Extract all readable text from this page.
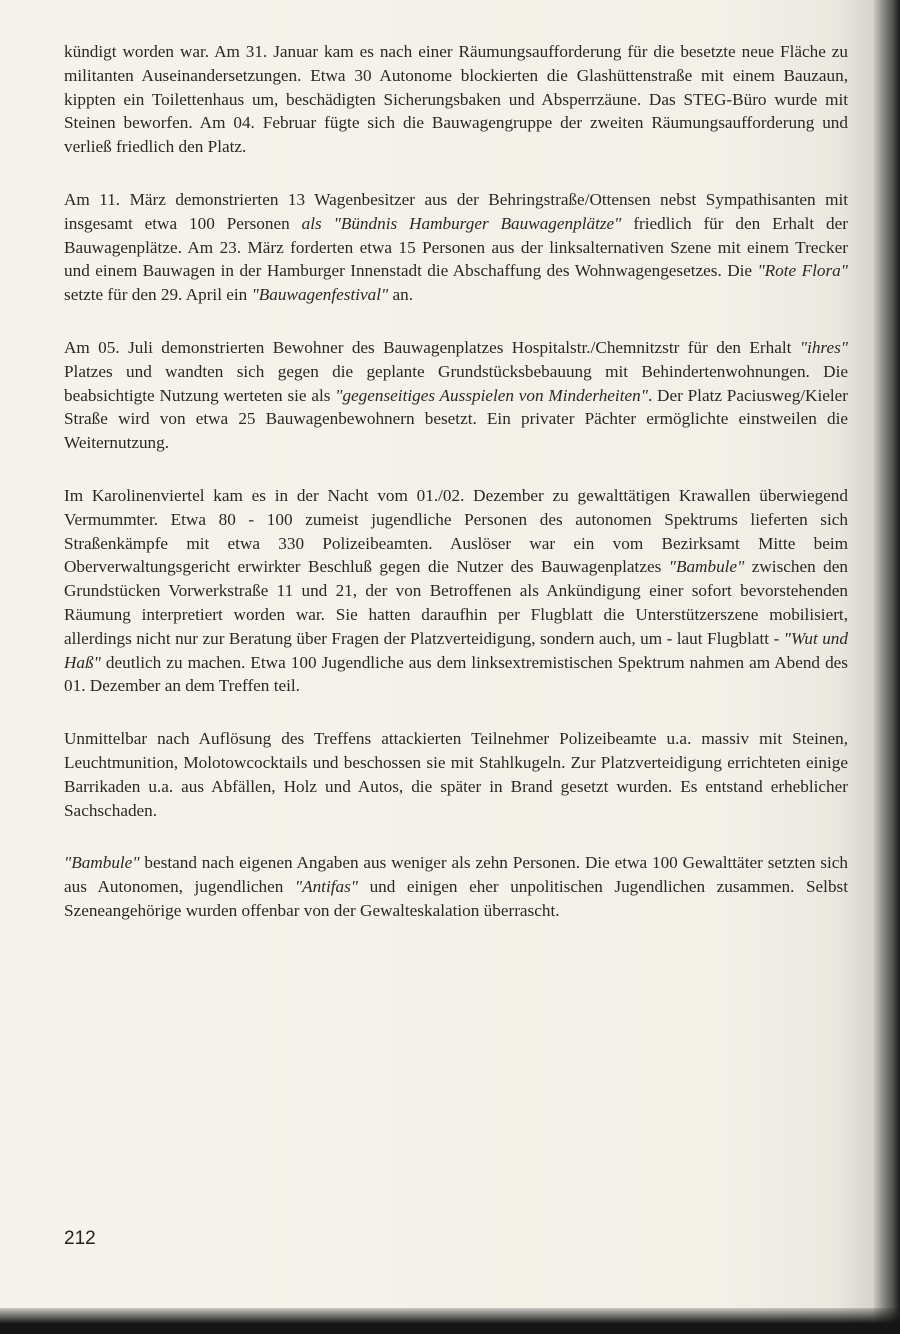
kündigt worden war. Am 31. Januar kam es nach einer Räumungsaufforderung für die besetzte neue Fläche zu militanten Auseinandersetzungen. Etwa 30 Autonome blockierten die Glashüttenstraße mit einem Bauzaun, kippten ein Toilettenhaus um, beschädigten Sicherungsbaken und Absperrzäune. Das STEG-Büro wurde mit Steinen beworfen. Am 04. Februar fügte sich die Bauwagengruppe der zweiten Räumungsaufforderung und verließ friedlich den Platz.

Am 11. März demonstrierten 13 Wagenbesitzer aus der Behringstraße/Ottensen nebst Sympathisanten mit insgesamt etwa 100 Personen als "Bündnis Hamburger Bauwagenplätze" friedlich für den Erhalt der Bauwagenplätze. Am 23. März forderten etwa 15 Personen aus der linksalternativen Szene mit einem Trecker und einem Bauwagen in der Hamburger Innenstadt die Abschaffung des Wohnwagengesetzes. Die "Rote Flora" setzte für den 29. April ein "Bauwagenfestival" an.

Am 05. Juli demonstrierten Bewohner des Bauwagenplatzes Hospitalstr./Chemnitzstr für den Erhalt "ihres" Platzes und wandten sich gegen die geplante Grundstücksbebauung mit Behindertenwohnungen. Die beabsichtigte Nutzung werteten sie als "gegenseitiges Ausspielen von Minderheiten". Der Platz Paciusweg/Kieler Straße wird von etwa 25 Bauwagenbewohnern besetzt. Ein privater Pächter ermöglichte einstweilen die Weiternutzung.

Im Karolinenviertel kam es in der Nacht vom 01./02. Dezember zu gewalttätigen Krawallen überwiegend Vermummter. Etwa 80 - 100 zumeist jugendliche Personen des autonomen Spektrums lieferten sich Straßenkämpfe mit etwa 330 Polizeibeamten. Auslöser war ein vom Bezirksamt Mitte beim Oberverwaltungsgericht erwirkter Beschluß gegen die Nutzer des Bauwagenplatzes "Bambule" zwischen den Grundstücken Vorwerkstraße 11 und 21, der von Betroffenen als Ankündigung einer sofort bevorstehenden Räumung interpretiert worden war. Sie hatten daraufhin per Flugblatt die Unterstützerszene mobilisiert, allerdings nicht nur zur Beratung über Fragen der Platzverteidigung, sondern auch, um - laut Flugblatt - "Wut und Haß" deutlich zu machen. Etwa 100 Jugendliche aus dem linksextremistischen Spektrum nahmen am Abend des 01. Dezember an dem Treffen teil.

Unmittelbar nach Auflösung des Treffens attackierten Teilnehmer Polizeibeamte u.a. massiv mit Steinen, Leuchtmunition, Molotowcocktails und beschossen sie mit Stahlkugeln. Zur Platzverteidigung errichteten einige Barrikaden u.a. aus Abfällen, Holz und Autos, die später in Brand gesetzt wurden. Es entstand erheblicher Sachschaden.

"Bambule" bestand nach eigenen Angaben aus weniger als zehn Personen. Die etwa 100 Gewalttäter setzten sich aus Autonomen, jugendlichen "Antifas" und einigen eher unpolitischen Jugendlichen zusammen. Selbst Szeneangehörige wurden offenbar von der Gewalteskalation überrascht.

212
